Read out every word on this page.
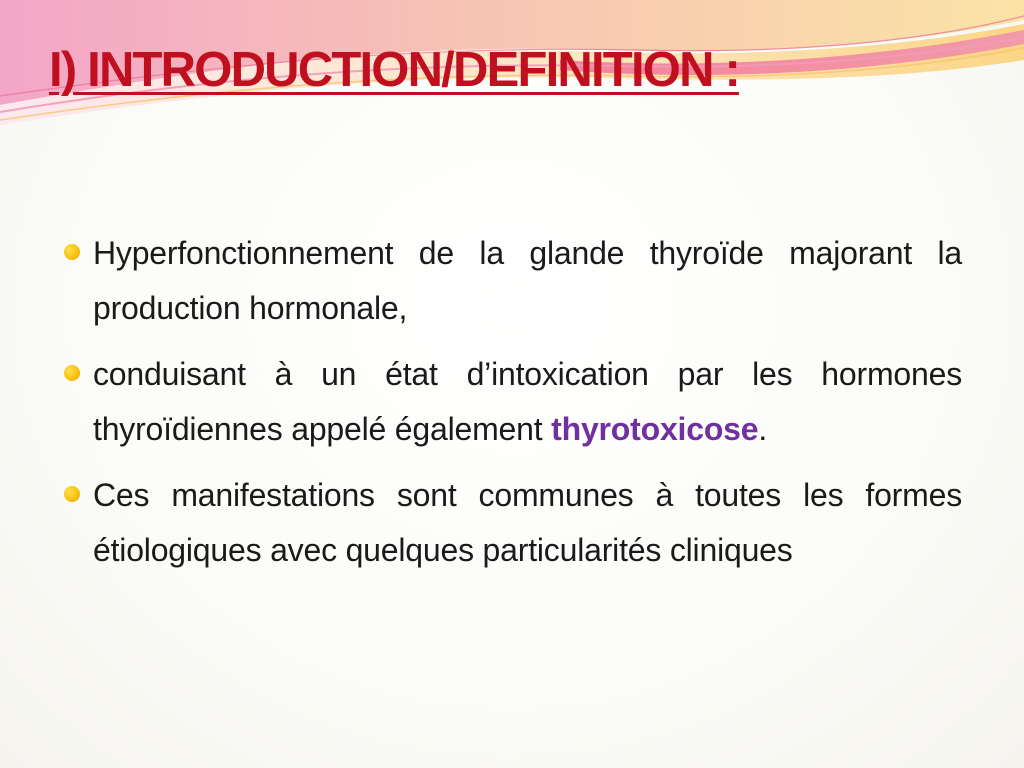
I) INTRODUCTION/DEFINITION :
Hyperfonctionnement de la glande thyroïde majorant la production hormonale,
conduisant à un état d’intoxication par les hormones thyroïdiennes appelé également thyrotoxicose.
Ces manifestations sont communes à toutes les formes étiologiques avec quelques particularités cliniques
